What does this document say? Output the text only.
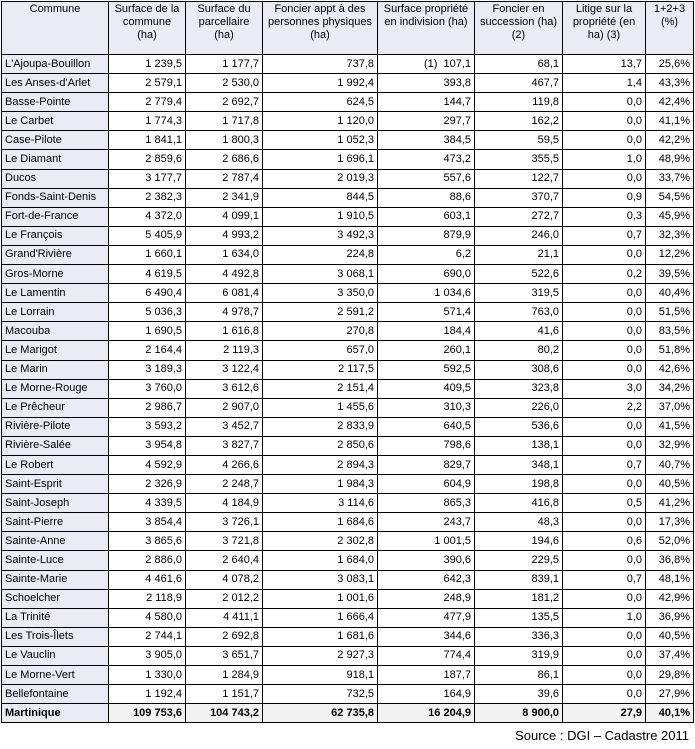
Commune	Surface de la commune (ha)	Surface du parcellaire (ha)	Foncier appt à des personnes physiques (ha)	Surface propriété en indivision (ha)	Foncier en succession (ha) (2)	Litige sur la propriété (en ha) (3)	1+2+3 (%)
L'Ajoupa-Bouillon	1 239,5	1 177,7	737,8	(1) 107,1	68,1	13,7	25,6%
Les Anses-d'Arlet	2 579,1	2 530,0	1 992,4	393,8	467,7	1,4	43,3%
Basse-Pointe	2 779,4	2 692,7	624,5	144,7	119,8	0,0	42,4%
Le Carbet	1 774,3	1 717,8	1 120,0	297,7	162,2	0,0	41,1%
Case-Pilote	1 841,1	1 800,3	1 052,3	384,5	59,5	0,0	42,2%
Le Diamant	2 859,6	2 686,6	1 696,1	473,2	355,5	1,0	48,9%
Ducos	3 177,7	2 787,4	2 019,3	557,6	122,7	0,0	33,7%
Fonds-Saint-Denis	2 382,3	2 341,9	844,5	88,6	370,7	0,9	54,5%
Fort-de-France	4 372,0	4 099,1	1 910,5	603,1	272,7	0,3	45,9%
Le François	5 405,9	4 993,2	3 492,3	879,9	246,0	0,7	32,3%
Grand'Rivière	1 660,1	1 634,0	224,8	6,2	21,1	0,0	12,2%
Gros-Morne	4 619,5	4 492,8	3 068,1	690,0	522,6	0,2	39,5%
Le Lamentin	6 490,4	6 081,4	3 350,0	1 034,6	319,5	0,0	40,4%
Le Lorrain	5 036,3	4 978,7	2 591,2	571,4	763,0	0,0	51,5%
Macouba	1 690,5	1 616,8	270,8	184,4	41,6	0,0	83,5%
Le Marigot	2 164,4	2 119,3	657,0	260,1	80,2	0,0	51,8%
Le Marin	3 189,3	3 122,4	2 117,5	592,5	308,6	0,0	42,6%
Le Morne-Rouge	3 760,0	3 612,6	2 151,4	409,5	323,8	3,0	34,2%
Le Prêcheur	2 986,7	2 907,0	1 455,6	310,3	226,0	2,2	37,0%
Rivière-Pilote	3 593,2	3 452,7	2 833,9	640,5	536,6	0,0	41,5%
Rivière-Salée	3 954,8	3 827,7	2 850,6	798,6	138,1	0,0	32,9%
Le Robert	4 592,9	4 266,6	2 894,3	829,7	348,1	0,7	40,7%
Saint-Esprit	2 326,9	2 248,7	1 984,3	604,9	198,8	0,0	40,5%
Saint-Joseph	4 339,5	4 184,9	3 114,6	865,3	416,8	0,5	41,2%
Saint-Pierre	3 854,4	3 726,1	1 684,6	243,7	48,3	0,0	17,3%
Sainte-Anne	3 865,6	3 721,8	2 302,8	1 001,5	194,6	0,6	52,0%
Sainte-Luce	2 886,0	2 640,4	1 684,0	390,6	229,5	0,0	36,8%
Sainte-Marie	4 461,6	4 078,2	3 083,1	642,3	839,1	0,7	48,1%
Schoelcher	2 118,9	2 012,2	1 001,6	248,9	181,2	0,0	42,9%
La Trinité	4 580,0	4 411,1	1 666,4	477,9	135,5	1,0	36,9%
Les Trois-Îlets	2 744,1	2 692,8	1 681,6	344,6	336,3	0,0	40,5%
Le Vauclin	3 905,0	3 651,7	2 927,3	774,4	319,9	0,0	37,4%
Le Morne-Vert	1 330,0	1 284,9	918,1	187,7	86,1	0,0	29,8%
Bellefontaine	1 192,4	1 151,7	732,5	164,9	39,6	0,0	27,9%
Martinique	109 753,6	104 743,2	62 735,8	16 204,9	8 900,0	27,9	40,1%
Source : DGI – Cadastre 2011
